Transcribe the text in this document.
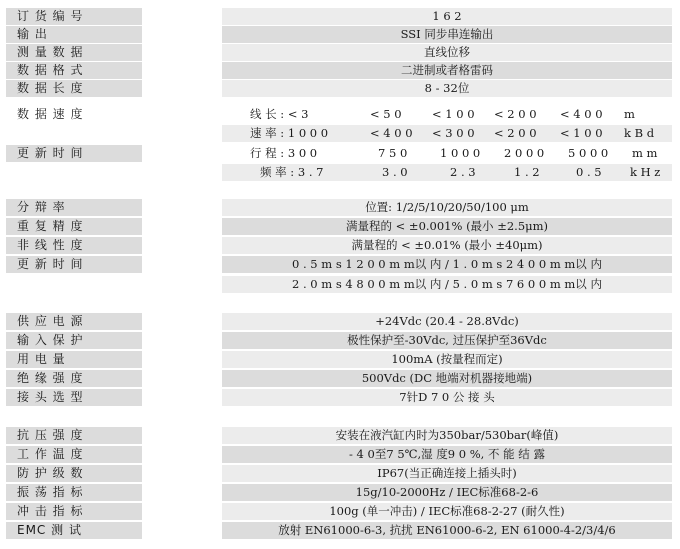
订 货 编 号	1 6 2
输 出	SSI 同步串连输出
测 量 数 据	直线位移
数 据 格 式	二进制或者格雷码
数 据 长 度	8 - 32位
数 据 速 度	线 长 : < 3	< 5 0	< 1 0 0 < 2 0 0 < 4 0 0 m
速 率 : 1 0 0 0	< 4 0 0 < 3 0 0 < 2 0 0 < 1 0 0 k B d
更 新 时 间	行 程 : 3 0 0	7 5 0	1 0 0 0 2 0 0 0 5 0 0 0 m m
频 率 : 3 . 7	3 . 0	2 . 3	1 . 2	0 . 5 k H z
分 辩 率	位置: 1/2/5/10/20/50/100 μm
重 复 精 度	满量程的 < ±0.001% (最小 ±2.5μm)
非 线 性 度	满量程的 < ±0.01% (最小 ±40μm)
更 新 时 间	0 . 5 m s 1 2 0 0 m m以 内 / 1 . 0 m s 2 4 0 0 m m以 内
2 . 0 m s 4 8 0 0 m m以 内 / 5 . 0 m s 7 6 0 0 m m以 内
供 应 电 源	+24Vdc (20.4 - 28.8Vdc)
输 入 保 护	极性保护至-30Vdc, 过压保护至36Vdc
用 电 量	100mA (按量程而定)
绝 缘 强 度	500Vdc (DC 地端对机器接地端)
接 头 选 型	7针D 7 0 公 接 头
抗 压 强 度	安装在液汽缸内时为350bar/530bar(峰值)
工 作 温 度	- 4 0至7 5℃,湿 度9 0 %, 不 能 结 露
防 护 级 数	IP67(当正确连接上插头时)
振 荡 指 标	15g/10-2000Hz / IEC标准68-2-6
冲 击 指 标	100g (单一冲击) / IEC标准68-2-27 (耐久性)
EMC 测 试	放射 EN61000-6-3, 抗扰 EN61000-6-2, EN 61000-4-2/3/4/6
